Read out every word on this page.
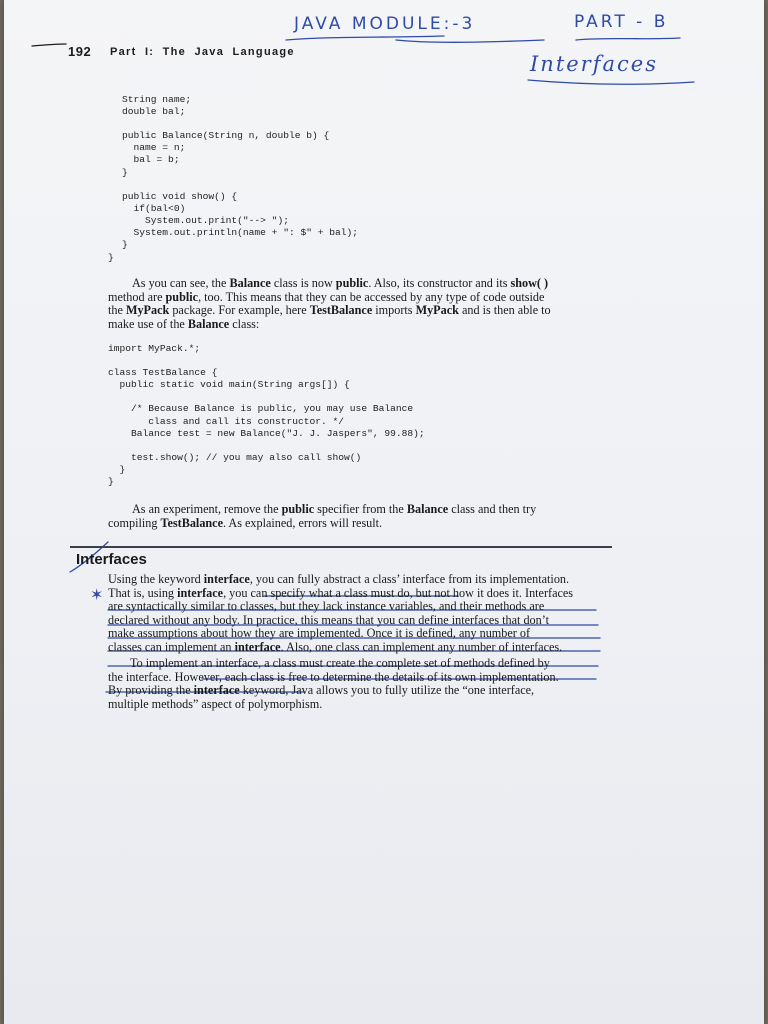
JAVA MODULE:-3	PART - B
Interfaces
192 Part I: The Java Language
String name;
double bal;
public Balance(String n, double b) {
name = n;
bal = b;
}
public void show() {
if(bal<0)
System.out.print("--> ");
System.out.println(name + ": $" + bal);
}
}
As you can see, the Balance class is now public. Also, its constructor and its show( )
method are public, too. This means that they can be accessed by any type of code outside
the MyPack package. For example, here TestBalance imports MyPack and is then able to
make use of the Balance class:
import MyPack.*;
class TestBalance {
public static void main(String args[]) {
/* Because Balance is public, you may use Balance
class and call its constructor. */
Balance test = new Balance("J. J. Jaspers", 99.88);
test.show(); // you may also call show()
}
}
As an experiment, remove the public specifier from the Balance class and then try
compiling TestBalance. As explained, errors will result.
Interfaces
✶
Using the keyword interface, you can fully abstract a class’ interface from its implementation.
That is, using interface, you can specify what a class must do, but not how it does it. Interfaces
are syntactically similar to classes, but they lack instance variables, and their methods are
declared without any body. In practice, this means that you can define interfaces that don’t
make assumptions about how they are implemented. Once it is defined, any number of
classes can implement an interface. Also, one class can implement any number of interfaces.
To implement an interface, a class must create the complete set of methods defined by
the interface. However, each class is free to determine the details of its own implementation.
By providing the interface keyword, Java allows you to fully utilize the “one interface,
multiple methods” aspect of polymorphism.
